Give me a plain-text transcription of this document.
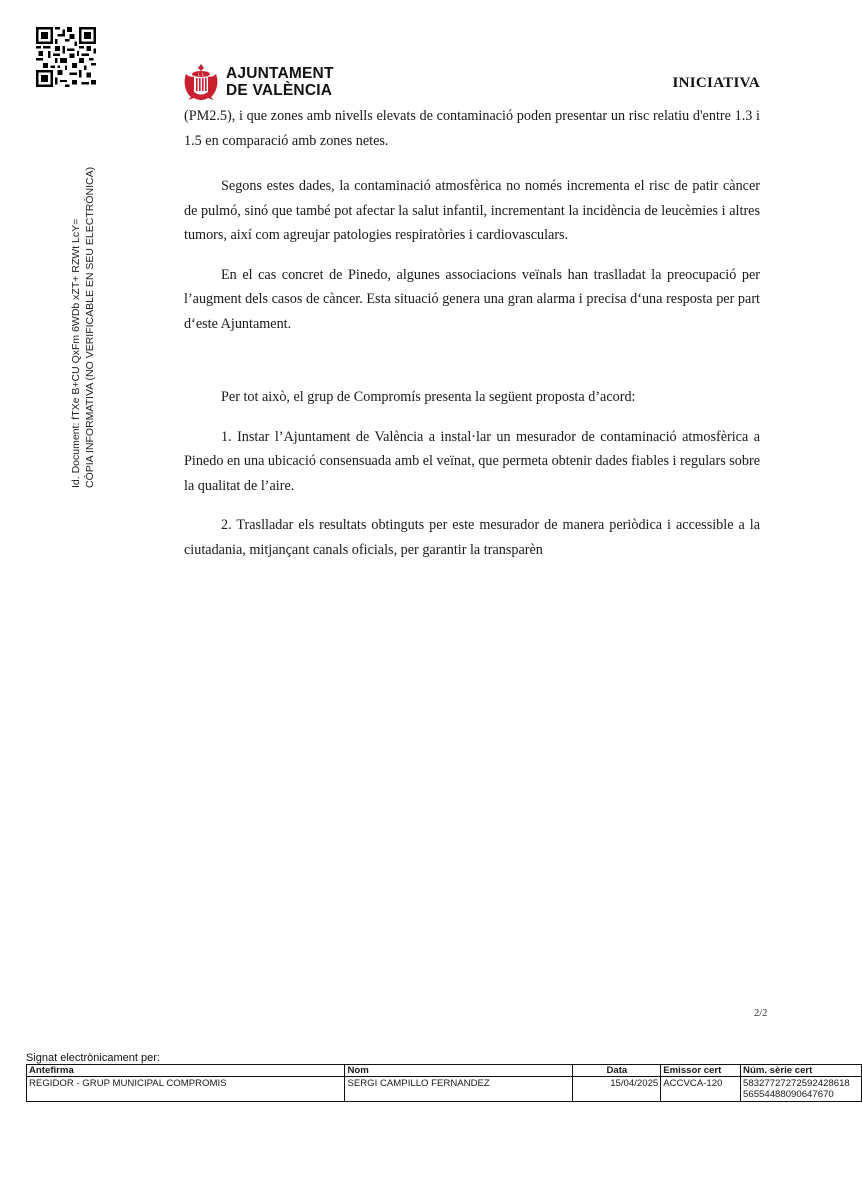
L L AJUNTAMENT
DE VALÈNCIA	INICIATIVA
Id. Document: fTXe B+CU QxFm 6WDb xZT+ RZWt LcY= CÒPIA INFORMATIVA (NO VERIFICABLE EN SEU ELECTRÒNICA)

(PM2.5), i que zones amb nivells elevats de contaminació poden presentar un risc relatiu d'entre 1.3 i 1.5 en comparació amb zones netes.

Segons estes dades, la contaminació atmosfèrica no només incrementa el risc de patir càncer de pulmó, sinó que també pot afectar la salut infantil, incrementant la incidència de leucèmies i altres tumors, així com agreujar patologies respiratòries i cardiovasculars.

En el cas concret de Pinedo, algunes associacions veïnals han traslladat la preocupació per l’augment dels casos de càncer. Esta situació genera una gran alarma i precisa d‘una resposta per part d‘este Ajuntament.

Per tot això, el grup de Compromís presenta la següent proposta d’acord:

1. Instar l’Ajuntament de València a instal·lar un mesurador de contaminació atmosfèrica a Pinedo en una ubicació consensuada amb el veïnat, que permeta obtenir dades fiables i regulars sobre la qualitat de l’aire.

2. Traslladar els resultats obtinguts per este mesurador de manera periòdica i accessible a la ciutadania, mitjançant canals oficials, per garantir la transparèn

2/2
Signat electrònicament per:
Antefirma	Nom	Data	Emissor cert	Núm. sèrie cert
REGIDOR - GRUP MUNICIPAL COMPROMIS	SERGI CAMPILLO FERNANDEZ	15/04/2025	ACCVCA-120	58327727272592428618
56554488090647670
